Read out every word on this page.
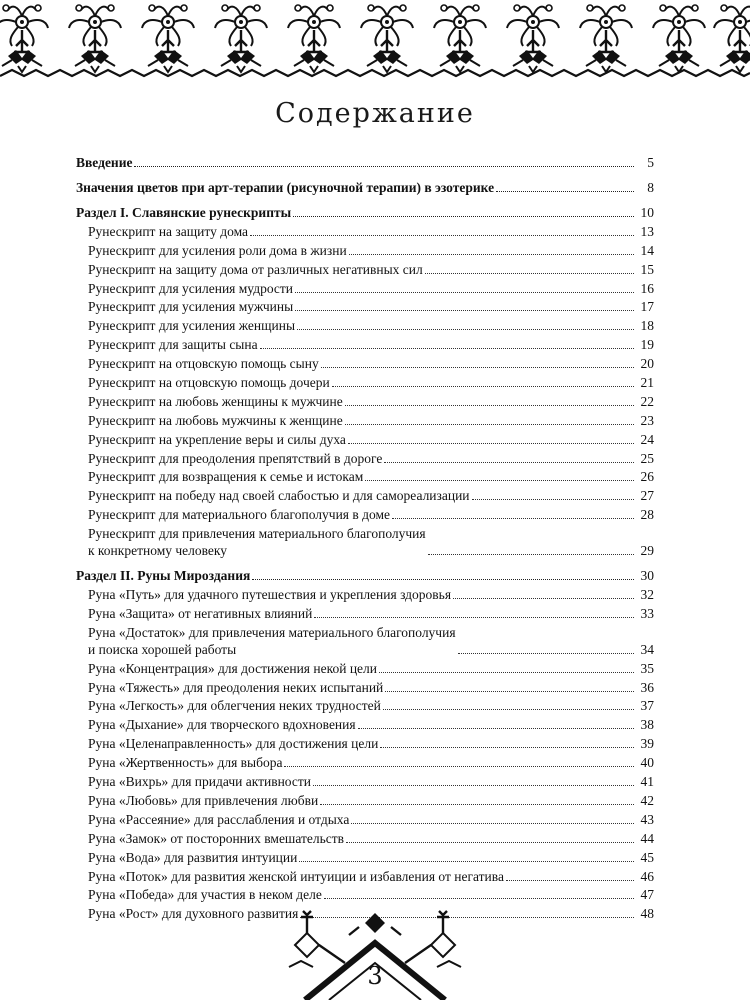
Содержание
Введение	5
Значения цветов при арт-терапии (рисуночной терапии) в эзотерике	8
Раздел I. Славянские рунескрипты	10
Рунескрипт на защиту дома	13
Рунескрипт для усиления роли дома в жизни	14
Рунескрипт на защиту дома от различных негативных сил	15
Рунескрипт для усиления мудрости	16
Рунескрипт для усиления мужчины	17
Рунескрипт для усиления женщины	18
Рунескрипт для защиты сына	19
Рунескрипт на отцовскую помощь сыну	20
Рунескрипт на отцовскую помощь дочери	21
Рунескрипт на любовь женщины к мужчине	22
Рунескрипт на любовь мужчины к женщине	23
Рунескрипт на укрепление веры и силы духа	24
Рунескрипт для преодоления препятствий в дороге	25
Рунескрипт для возвращения к семье и истокам	26
Рунескрипт на победу над своей слабостью и для самореализации	27
Рунескрипт для материального благополучия в доме	28
Рунескрипт для привлечения материального благополучия
к конкретному человеку	29
Раздел II. Руны Мироздания	30
Руна «Путь» для удачного путешествия и укрепления здоровья	32
Руна «Защита» от негативных влияний	33
Руна «Достаток» для привлечения материального благополучия
и поиска хорошей работы	34
Руна «Концентрация» для достижения некой цели	35
Руна «Тяжесть» для преодоления неких испытаний	36
Руна «Легкость» для облегчения неких трудностей	37
Руна «Дыхание» для творческого вдохновения	38
Руна «Целенаправленность» для достижения цели	39
Руна «Жертвенность» для выбора	40
Руна «Вихрь» для придачи активности	41
Руна «Любовь» для привлечения любви	42
Руна «Рассеяние» для расслабления и отдыха	43
Руна «Замок» от посторонних вмешательств	44
Руна «Вода» для развития интуиции	45
Руна «Поток» для развития женской интуиции и избавления от негатива	46
Руна «Победа» для участия в неком деле	47
Руна «Рост» для духовного развития	48
3
